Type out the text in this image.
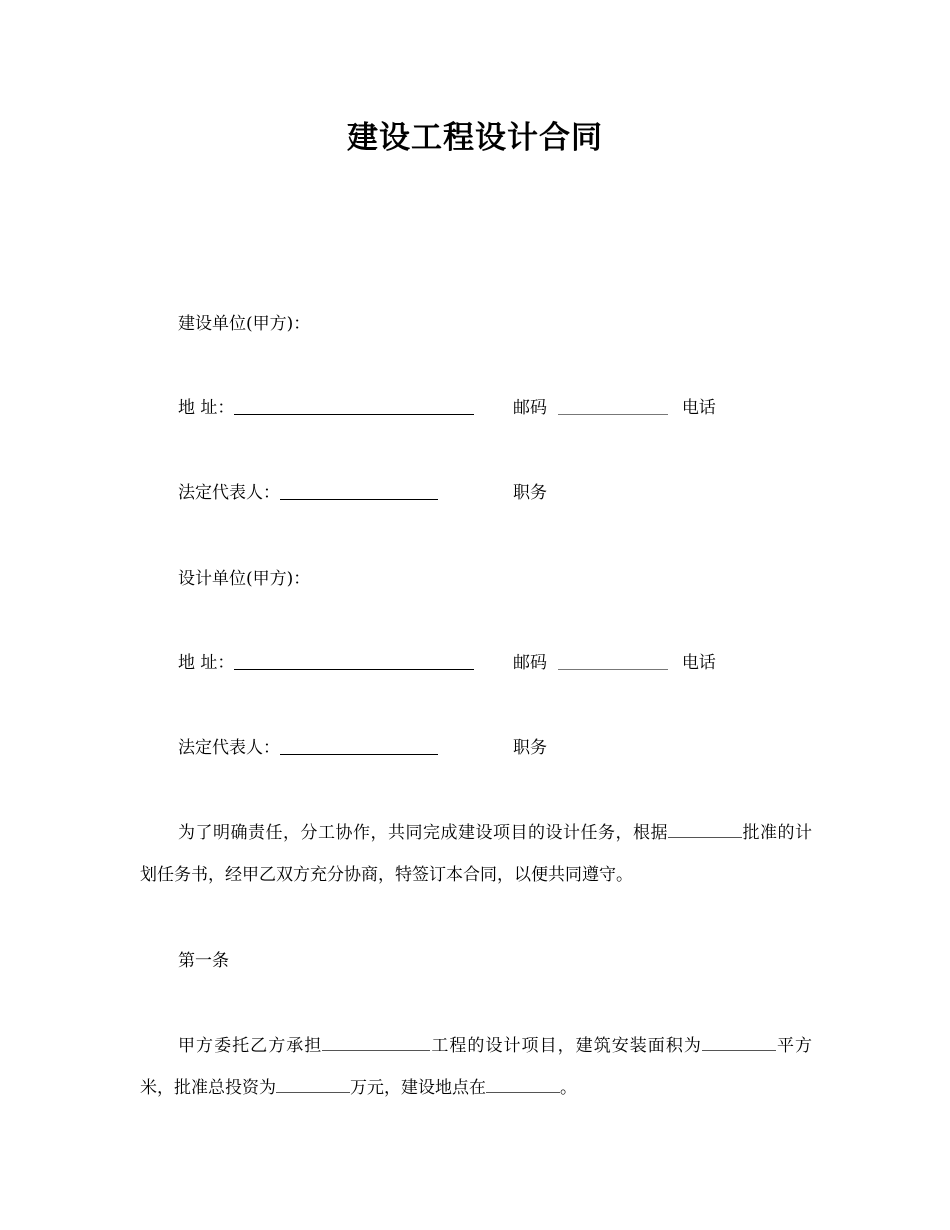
建设工程设计合同
建设单位(甲方)：
地 址：	邮码	电话
法定代表人：	职务
设计单位(甲方)：
地 址：	邮码	电话
法定代表人：	职务
为了明确责任，分工协作，共同完成建设项目的设计任务，根据	批准的计划任务书，经甲乙双方充分协商，特签订本合同，以便共同遵守。
第一条
甲方委托乙方承担	工程的设计项目，建筑安装面积为	平方米，批准总投资为	万元，建设地点在	。
